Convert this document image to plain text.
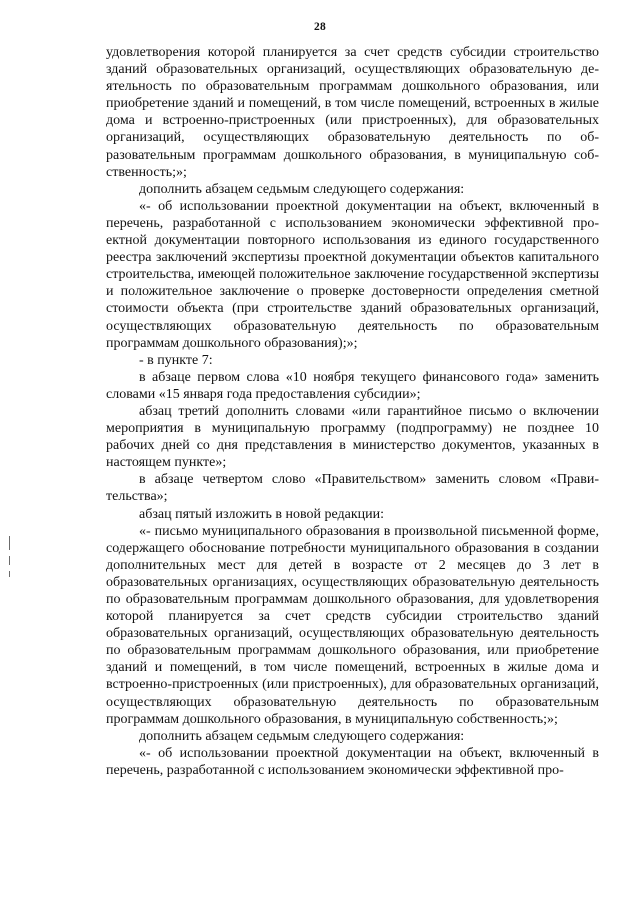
28

удовлетворения которой планируется за счет средств субсидии строительство зданий образовательных организаций, осуществляющих образовательную деятельность по образовательным программам дошкольного образования, или приобретение зданий и помещений, в том числе помещений, встроенных в жилые дома и встроенно-пристроенных (или пристроенных), для образовательных организаций, осуществляющих образовательную деятельность по образовательным программам дошкольного образования, в муниципальную собственность;»;

дополнить абзацем седьмым следующего содержания:

«- об использовании проектной документации на объект, включенный в перечень, разработанной с использованием экономически эффективной проектной документации повторного использования из единого государственного реестра заключений экспертизы проектной документации объектов капитального строительства, имеющей положительное заключение государственной экспертизы и положительное заключение о проверке достоверности определения сметной стоимости объекта (при строительстве зданий образовательных организаций, осуществляющих образовательную деятельность по образовательным программам дошкольного образования);»;

- в пункте 7:

в абзаце первом слова «10 ноября текущего финансового года» заменить словами «15 января года предоставления субсидии»;

абзац третий дополнить словами «или гарантийное письмо о включении мероприятия в муниципальную программу (подпрограмму) не позднее 10 рабочих дней со дня представления в министерство документов, указанных в настоящем пункте»;

в абзаце четвертом слово «Правительством» заменить словом «Правительства»;

абзац пятый изложить в новой редакции:

«- письмо муниципального образования в произвольной письменной форме, содержащего обоснование потребности муниципального образования в создании дополнительных мест для детей в возрасте от 2 месяцев до 3 лет в образовательных организациях, осуществляющих образовательную деятельность по образовательным программам дошкольного образования, для удовлетворения которой планируется за счет средств субсидии строительство зданий образовательных организаций, осуществляющих образовательную деятельность по образовательным программам дошкольного образования, или приобретение зданий и помещений, в том числе помещений, встроенных в жилые дома и встроенно-пристроенных (или пристроенных), для образовательных организаций, осуществляющих образовательную деятельность по образовательным программам дошкольного образования, в муниципальную собственность;»;

дополнить абзацем седьмым следующего содержания:

«- об использовании проектной документации на объект, включенный в перечень, разработанной с использованием экономически эффективной про-
